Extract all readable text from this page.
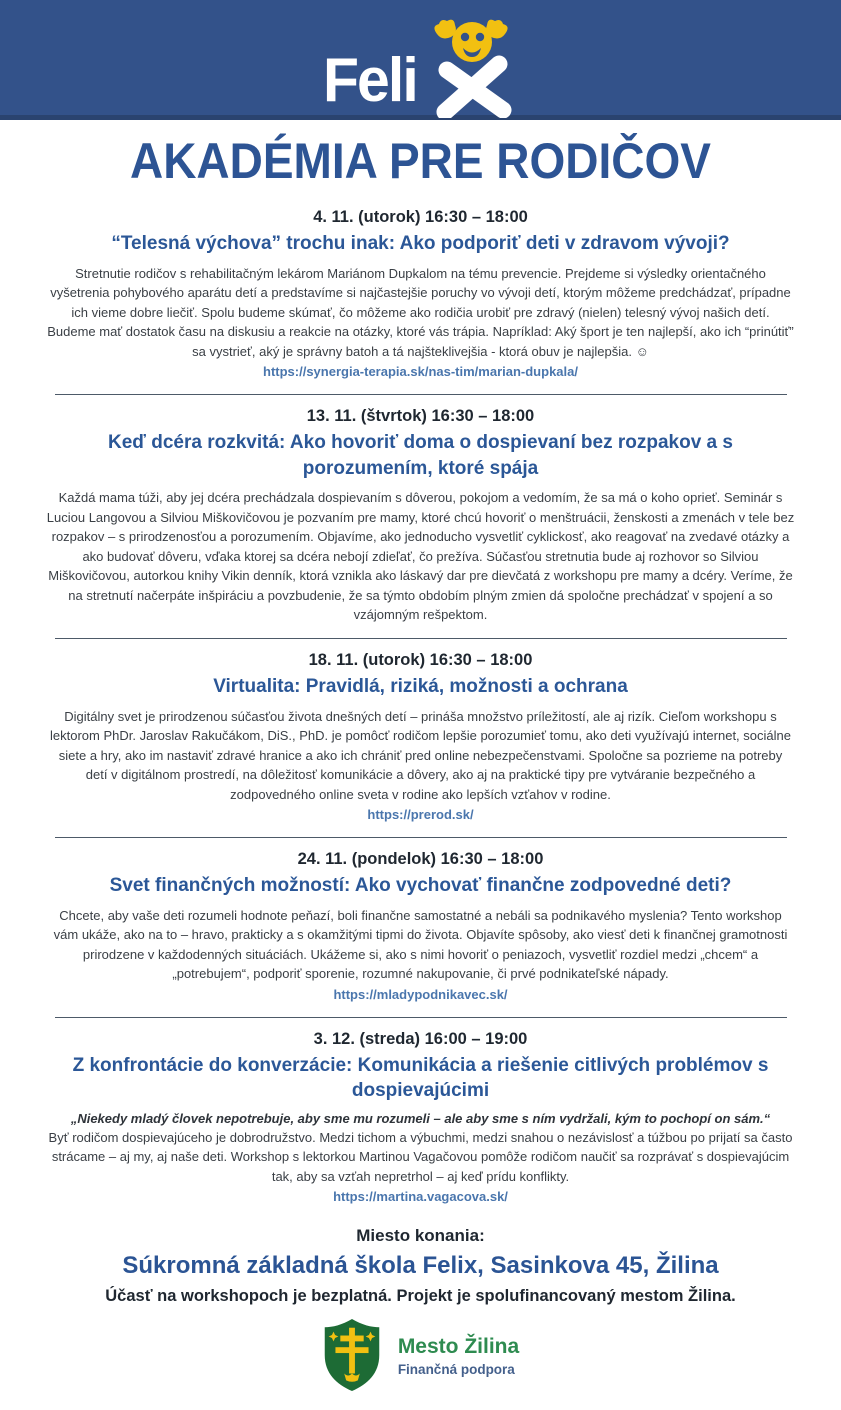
Feli
AKADÉMIA PRE RODIČOV
4. 11. (utorok) 16:30 – 18:00
“Telesná výchova” trochu inak: Ako podporiť deti v zdravom vývoji?

Stretnutie rodičov s rehabilitačným lekárom Mariánom Dupkalom na tému prevencie. Prejdeme si výsledky orientačného vyšetrenia pohybového aparátu detí a predstavíme si najčastejšie poruchy vo vývoji detí, ktorým môžeme predchádzať, prípadne ich vieme dobre liečiť. Spolu budeme skúmať, čo môžeme ako rodičia urobiť pre zdravý (nielen) telesný vývoj našich detí. Budeme mať dostatok času na diskusiu a reakcie na otázky, ktoré vás trápia. Napríklad: Aký šport je ten najlepší, ako ich “prinútiť” sa vystrieť, aký je správny batoh a tá najšteklivejšia - ktorá obuv je najlepšia. ☺

https://synergia-terapia.sk/nas-tim/marian-dupkala/
13. 11. (štvrtok) 16:30 – 18:00
Keď dcéra rozkvitá: Ako hovoriť doma o dospievaní bez rozpakov a s porozumením, ktoré spája

Každá mama túži, aby jej dcéra prechádzala dospievaním s dôverou, pokojom a vedomím, že sa má o koho oprieť. Seminár s Luciou Langovou a Silviou Miškovičovou je pozvaním pre mamy, ktoré chcú hovoriť o menštruácii, ženskosti a zmenách v tele bez rozpakov – s prirodzenosťou a porozumením. Objavíme, ako jednoducho vysvetliť cyklickosť, ako reagovať na zvedavé otázky a ako budovať dôveru, vďaka ktorej sa dcéra nebojí zdieľať, čo prežíva. Súčasťou stretnutia bude aj rozhovor so Silviou Miškovičovou, autorkou knihy Vikin denník, ktorá vznikla ako láskavý dar pre dievčatá z workshopu pre mamy a dcéry. Veríme, že na stretnutí načerpáte inšpiráciu a povzbudenie, že sa týmto obdobím plným zmien dá spoločne prechádzať v spojení a so vzájomným rešpektom.

18. 11. (utorok) 16:30 – 18:00
Virtualita: Pravidlá, riziká, možnosti a ochrana

Digitálny svet je prirodzenou súčasťou života dnešných detí – prináša množstvo príležitostí, ale aj rizík. Cieľom workshopu s lektorom PhDr. Jaroslav Rakučákom, DiS., PhD. je pomôcť rodičom lepšie porozumieť tomu, ako deti využívajú internet, sociálne siete a hry, ako im nastaviť zdravé hranice a ako ich chrániť pred online nebezpečenstvami. Spoločne sa pozrieme na potreby detí v digitálnom prostredí, na dôležitosť komunikácie a dôvery, ako aj na praktické tipy pre vytváranie bezpečného a zodpovedného online sveta v rodine ako lepších vzťahov v rodine.

https://prerod.sk/
24. 11. (pondelok) 16:30 – 18:00
Svet finančných možností: Ako vychovať finančne zodpovedné deti?

Chcete, aby vaše deti rozumeli hodnote peňazí, boli finančne samostatné a nebáli sa podnikavého myslenia? Tento workshop vám ukáže, ako na to – hravo, prakticky a s okamžitými tipmi do života. Objavíte spôsoby, ako viesť deti k finančnej gramotnosti prirodzene v každodenných situáciách. Ukážeme si, ako s nimi hovoriť o peniazoch, vysvetliť rozdiel medzi „chcem“ a „potrebujem“, podporiť sporenie, rozumné nakupovanie, či prvé podnikateľské nápady.

https://mladypodnikavec.sk/
3. 12. (streda) 16:00 – 19:00
Z konfrontácie do konverzácie: Komunikácia a riešenie citlivých problémov s dospievajúcimi

„Niekedy mladý človek nepotrebuje, aby sme mu rozumeli – ale aby sme s ním vydržali, kým to pochopí on sám.“

Byť rodičom dospievajúceho je dobrodružstvo. Medzi tichom a výbuchmi, medzi snahou o nezávislosť a túžbou po prijatí sa často strácame – aj my, aj naše deti. Workshop s lektorkou Martinou Vagačovou pomôže rodičom naučiť sa rozprávať s dospievajúcim tak, aby sa vzťah nepretrhol – aj keď prídu konflikty.

https://martina.vagacova.sk/
Miesto konania:
Súkromná základná škola Felix, Sasinkova 45, Žilina
Účasť na workshopoch je bezplatná. Projekt je spolufinancovaný mestom Žilina.
Mesto Žilina
Finančná podpora
